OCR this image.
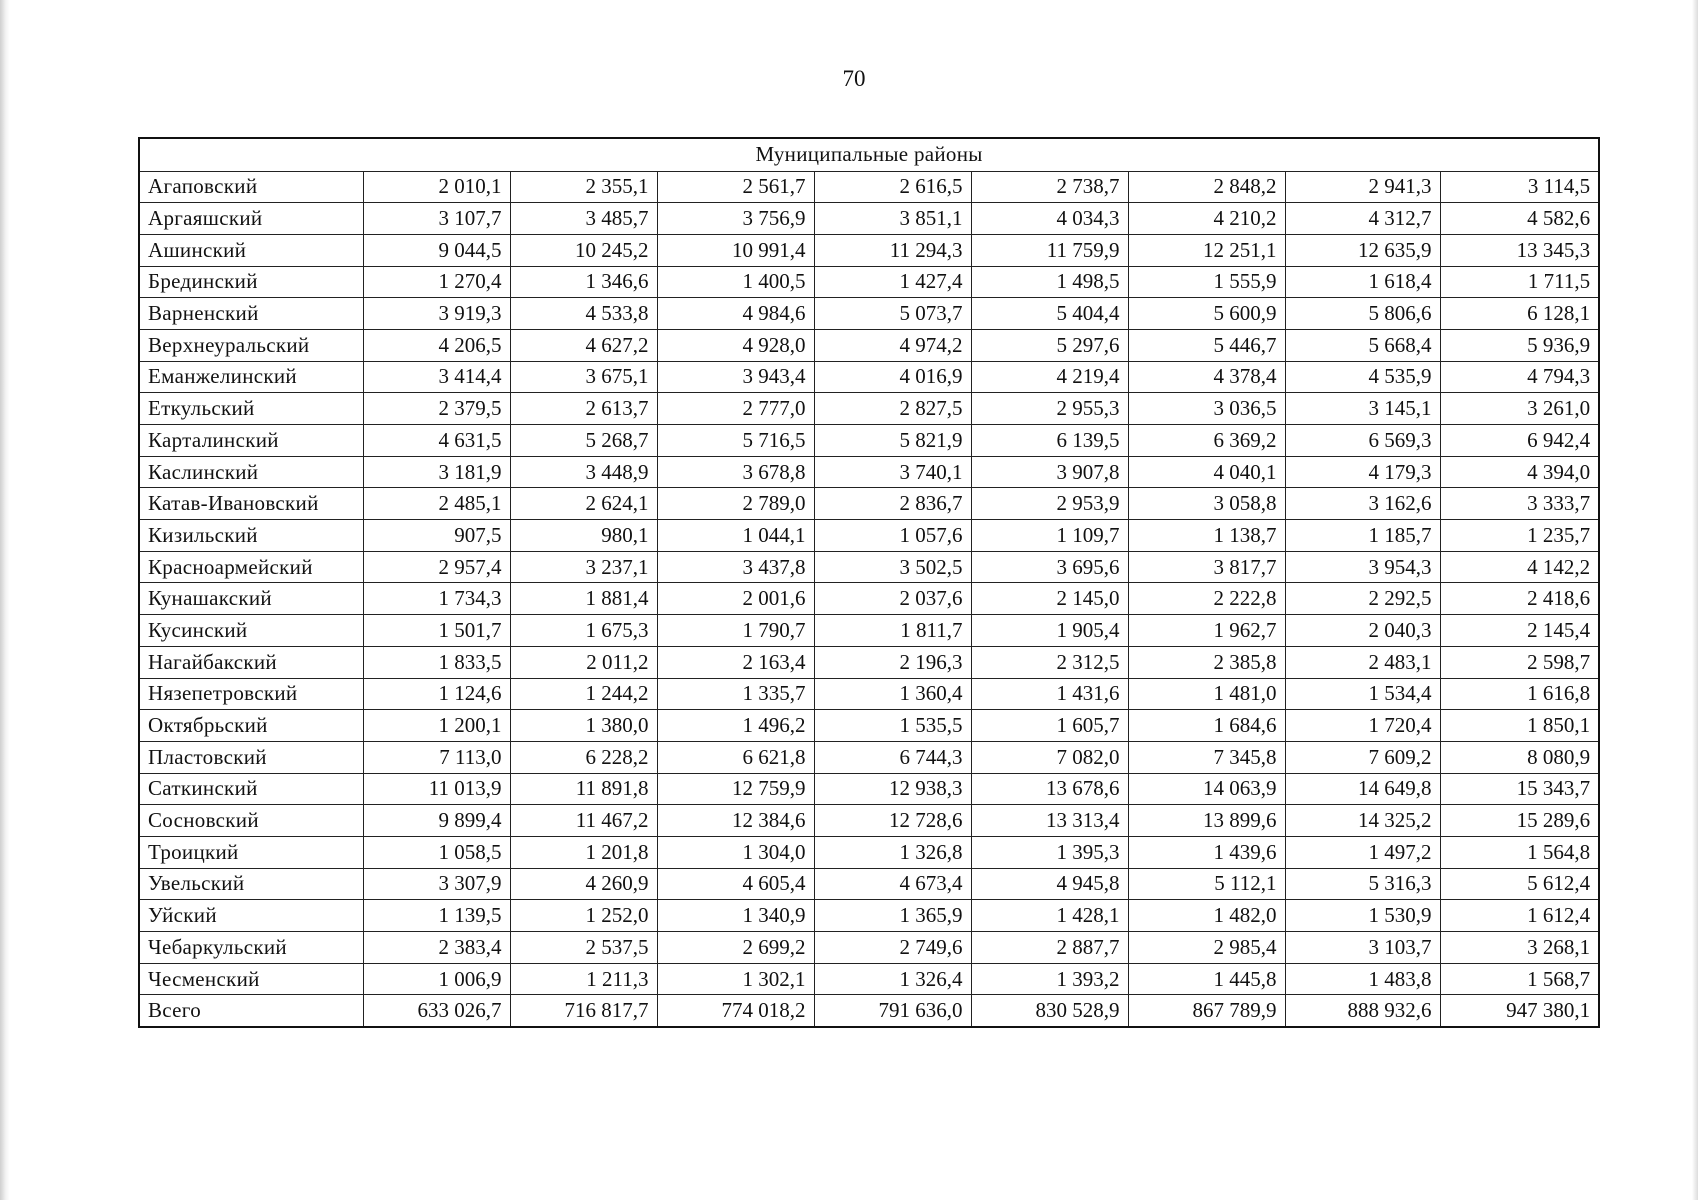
70
Муниципальные районы								
Агаповский	2 010,1	2 355,1	2 561,7	2 616,5	2 738,7	2 848,2	2 941,3	3 114,5
Аргаяшский	3 107,7	3 485,7	3 756,9	3 851,1	4 034,3	4 210,2	4 312,7	4 582,6
Ашинский	9 044,5	10 245,2	10 991,4	11 294,3	11 759,9	12 251,1	12 635,9	13 345,3
Брединский	1 270,4	1 346,6	1 400,5	1 427,4	1 498,5	1 555,9	1 618,4	1 711,5
Варненский	3 919,3	4 533,8	4 984,6	5 073,7	5 404,4	5 600,9	5 806,6	6 128,1
Верхнеуральский	4 206,5	4 627,2	4 928,0	4 974,2	5 297,6	5 446,7	5 668,4	5 936,9
Еманжелинский	3 414,4	3 675,1	3 943,4	4 016,9	4 219,4	4 378,4	4 535,9	4 794,3
Еткульский	2 379,5	2 613,7	2 777,0	2 827,5	2 955,3	3 036,5	3 145,1	3 261,0
Карталинский	4 631,5	5 268,7	5 716,5	5 821,9	6 139,5	6 369,2	6 569,3	6 942,4
Каслинский	3 181,9	3 448,9	3 678,8	3 740,1	3 907,8	4 040,1	4 179,3	4 394,0
Катав-Ивановский	2 485,1	2 624,1	2 789,0	2 836,7	2 953,9	3 058,8	3 162,6	3 333,7
Кизильский	907,5	980,1	1 044,1	1 057,6	1 109,7	1 138,7	1 185,7	1 235,7
Красноармейский	2 957,4	3 237,1	3 437,8	3 502,5	3 695,6	3 817,7	3 954,3	4 142,2
Кунашакский	1 734,3	1 881,4	2 001,6	2 037,6	2 145,0	2 222,8	2 292,5	2 418,6
Кусинский	1 501,7	1 675,3	1 790,7	1 811,7	1 905,4	1 962,7	2 040,3	2 145,4
Нагайбакский	1 833,5	2 011,2	2 163,4	2 196,3	2 312,5	2 385,8	2 483,1	2 598,7
Нязепетровский	1 124,6	1 244,2	1 335,7	1 360,4	1 431,6	1 481,0	1 534,4	1 616,8
Октябрьский	1 200,1	1 380,0	1 496,2	1 535,5	1 605,7	1 684,6	1 720,4	1 850,1
Пластовский	7 113,0	6 228,2	6 621,8	6 744,3	7 082,0	7 345,8	7 609,2	8 080,9
Саткинский	11 013,9	11 891,8	12 759,9	12 938,3	13 678,6	14 063,9	14 649,8	15 343,7
Сосновский	9 899,4	11 467,2	12 384,6	12 728,6	13 313,4	13 899,6	14 325,2	15 289,6
Троицкий	1 058,5	1 201,8	1 304,0	1 326,8	1 395,3	1 439,6	1 497,2	1 564,8
Увельский	3 307,9	4 260,9	4 605,4	4 673,4	4 945,8	5 112,1	5 316,3	5 612,4
Уйский	1 139,5	1 252,0	1 340,9	1 365,9	1 428,1	1 482,0	1 530,9	1 612,4
Чебаркульский	2 383,4	2 537,5	2 699,2	2 749,6	2 887,7	2 985,4	3 103,7	3 268,1
Чесменский	1 006,9	1 211,3	1 302,1	1 326,4	1 393,2	1 445,8	1 483,8	1 568,7
Всего	633 026,7	716 817,7	774 018,2	791 636,0	830 528,9	867 789,9	888 932,6	947 380,1
